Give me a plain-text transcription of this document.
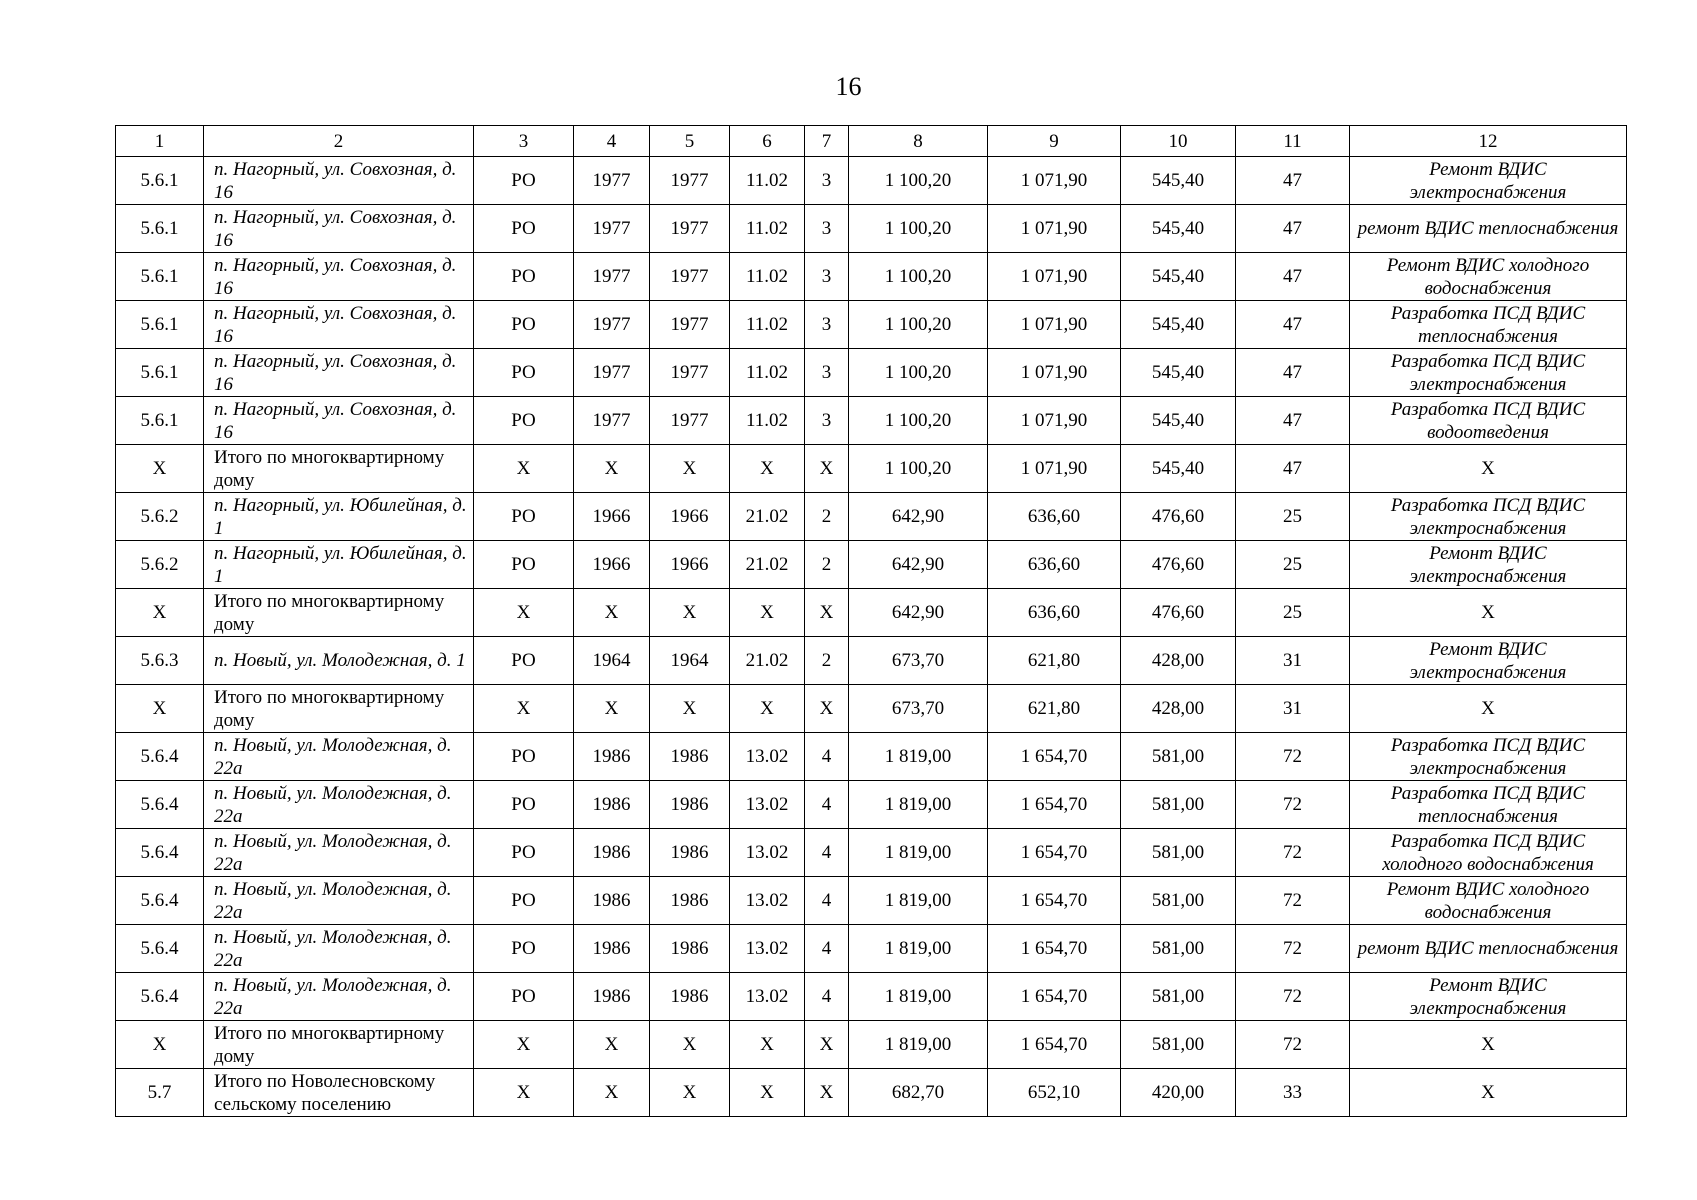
16
1	2	3	4	5	6	7	8	9	10	11	12
5.6.1	п. Нагорный, ул. Совхозная, д. 16	РО	1977	1977	11.02	3	1 100,20	1 071,90	545,40	47	Ремонт ВДИС электроснабжения
5.6.1	п. Нагорный, ул. Совхозная, д. 16	РО	1977	1977	11.02	3	1 100,20	1 071,90	545,40	47	ремонт ВДИС теплоснабжения
5.6.1	п. Нагорный, ул. Совхозная, д. 16	РО	1977	1977	11.02	3	1 100,20	1 071,90	545,40	47	Ремонт ВДИС холодного водоснабжения
5.6.1	п. Нагорный, ул. Совхозная, д. 16	РО	1977	1977	11.02	3	1 100,20	1 071,90	545,40	47	Разработка ПСД ВДИС теплоснабжения
5.6.1	п. Нагорный, ул. Совхозная, д. 16	РО	1977	1977	11.02	3	1 100,20	1 071,90	545,40	47	Разработка ПСД ВДИС электроснабжения
5.6.1	п. Нагорный, ул. Совхозная, д. 16	РО	1977	1977	11.02	3	1 100,20	1 071,90	545,40	47	Разработка ПСД ВДИС водоотведения
Х	Итого по многоквартирному дому	Х	Х	Х	Х	Х	1 100,20	1 071,90	545,40	47	Х
5.6.2	п. Нагорный, ул. Юбилейная, д. 1	РО	1966	1966	21.02	2	642,90	636,60	476,60	25	Разработка ПСД ВДИС электроснабжения
5.6.2	п. Нагорный, ул. Юбилейная, д. 1	РО	1966	1966	21.02	2	642,90	636,60	476,60	25	Ремонт ВДИС электроснабжения
Х	Итого по многоквартирному дому	Х	Х	Х	Х	Х	642,90	636,60	476,60	25	Х
5.6.3	п. Новый, ул. Молодежная, д. 1	РО	1964	1964	21.02	2	673,70	621,80	428,00	31	Ремонт ВДИС электроснабжения
Х	Итого по многоквартирному дому	Х	Х	Х	Х	Х	673,70	621,80	428,00	31	Х
5.6.4	п. Новый, ул. Молодежная, д. 22а	РО	1986	1986	13.02	4	1 819,00	1 654,70	581,00	72	Разработка ПСД ВДИС электроснабжения
5.6.4	п. Новый, ул. Молодежная, д. 22а	РО	1986	1986	13.02	4	1 819,00	1 654,70	581,00	72	Разработка ПСД ВДИС теплоснабжения
5.6.4	п. Новый, ул. Молодежная, д. 22а	РО	1986	1986	13.02	4	1 819,00	1 654,70	581,00	72	Разработка ПСД ВДИС холодного водоснабжения
5.6.4	п. Новый, ул. Молодежная, д. 22а	РО	1986	1986	13.02	4	1 819,00	1 654,70	581,00	72	Ремонт ВДИС холодного водоснабжения
5.6.4	п. Новый, ул. Молодежная, д. 22а	РО	1986	1986	13.02	4	1 819,00	1 654,70	581,00	72	ремонт ВДИС теплоснабжения
5.6.4	п. Новый, ул. Молодежная, д. 22а	РО	1986	1986	13.02	4	1 819,00	1 654,70	581,00	72	Ремонт ВДИС электроснабжения
Х	Итого по многоквартирному дому	Х	Х	Х	Х	Х	1 819,00	1 654,70	581,00	72	Х
5.7	Итого по Новолесновскому сельскому поселению	Х	Х	Х	Х	Х	682,70	652,10	420,00	33	Х
